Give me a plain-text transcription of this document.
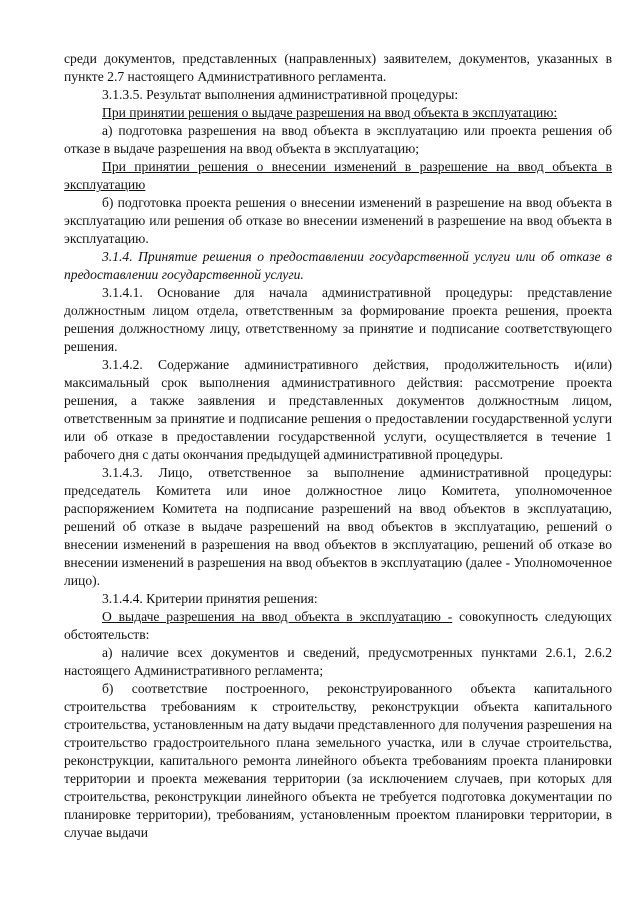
среди документов, представленных (направленных) заявителем, документов, указанных в пункте 2.7 настоящего Административного регламента.

3.1.3.5. Результат выполнения административной процедуры:

При принятии решения о выдаче разрешения на ввод объекта в эксплуатацию:

а) подготовка разрешения на ввод объекта в эксплуатацию или проекта решения об отказе в выдаче разрешения на ввод объекта в эксплуатацию;

При принятии решения о внесении изменений в разрешение на ввод объекта в эксплуатацию

б) подготовка проекта решения о внесении изменений в разрешение на ввод объекта в эксплуатацию или решения об отказе во внесении изменений в разрешение на ввод объекта в эксплуатацию.

3.1.4. Принятие решения о предоставлении государственной услуги или об отказе в предоставлении государственной услуги.

3.1.4.1. Основание для начала административной процедуры: представление должностным лицом отдела, ответственным за формирование проекта решения, проекта решения должностному лицу, ответственному за принятие и подписание соответствующего решения.

3.1.4.2. Содержание административного действия, продолжительность и(или) максимальный срок выполнения административного действия: рассмотрение проекта решения, а также заявления и представленных документов должностным лицом, ответственным за принятие и подписание решения о предоставлении государственной услуги или об отказе в предоставлении государственной услуги, осуществляется в течение 1 рабочего дня с даты окончания предыдущей административной процедуры.

3.1.4.3. Лицо, ответственное за выполнение административной процедуры: председатель Комитета или иное должностное лицо Комитета, уполномоченное распоряжением Комитета на подписание разрешений на ввод объектов в эксплуатацию, решений об отказе в выдаче разрешений на ввод объектов в эксплуатацию, решений о внесении изменений в разрешения на ввод объектов в эксплуатацию, решений об отказе во внесении изменений в разрешения на ввод объектов в эксплуатацию (далее - Уполномоченное лицо).

3.1.4.4. Критерии принятия решения:

О выдаче разрешения на ввод объекта в эксплуатацию - совокупность следующих обстоятельств:

а) наличие всех документов и сведений, предусмотренных пунктами 2.6.1, 2.6.2 настоящего Административного регламента;

б) соответствие построенного, реконструированного объекта капитального строительства требованиям к строительству, реконструкции объекта капитального строительства, установленным на дату выдачи представленного для получения разрешения на строительство градостроительного плана земельного участка, или в случае строительства, реконструкции, капитального ремонта линейного объекта требованиям проекта планировки территории и проекта межевания территории (за исключением случаев, при которых для строительства, реконструкции линейного объекта не требуется подготовка документации по планировке территории), требованиям, установленным проектом планировки территории, в случае выдачи
